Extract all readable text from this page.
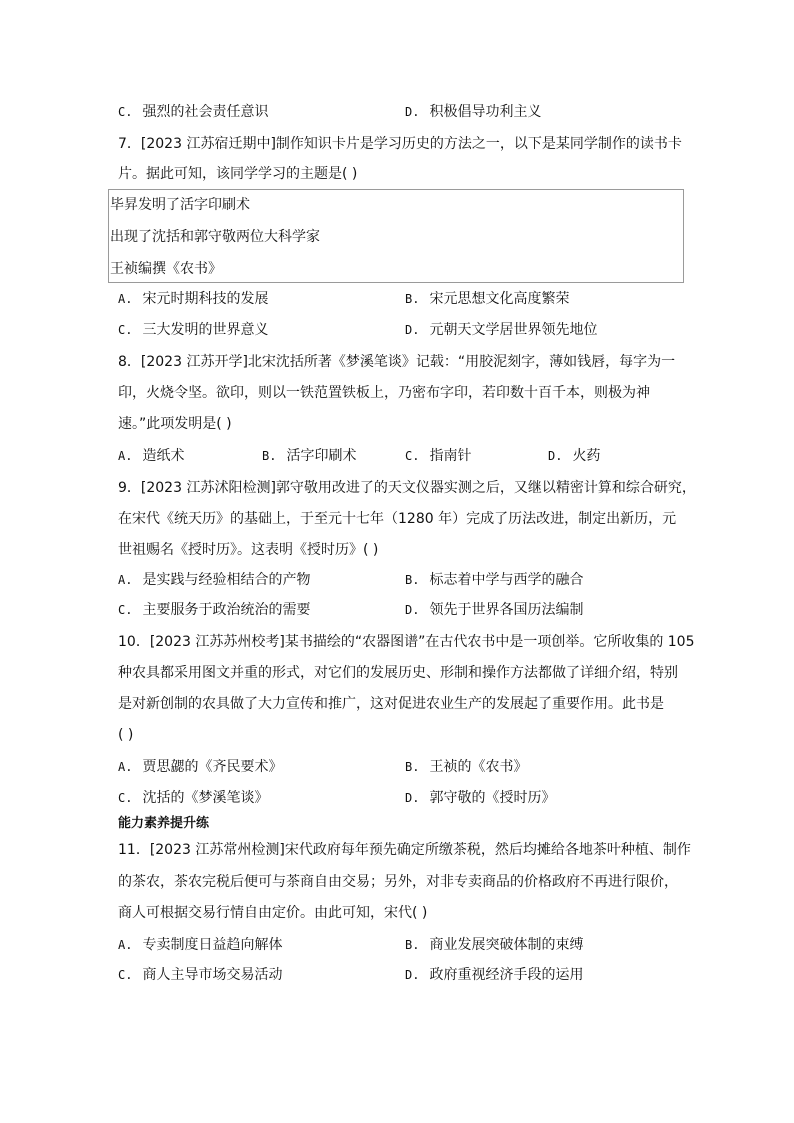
C. 强烈的社会责任意识	D. 积极倡导功利主义
7．[2023 江苏宿迁期中]制作知识卡片是学习历史的方法之一，以下是某同学制作的读书卡
片。据此可知，该同学学习的主题是( )
毕昇发明了活字印刷术
出现了沈括和郭守敬两位大科学家
王祯编撰《农书》
A. 宋元时期科技的发展	B. 宋元思想文化高度繁荣
C. 三大发明的世界意义	D. 元朝天文学居世界领先地位
8．[2023 江苏开学]北宋沈括所著《梦溪笔谈》记载：“用胶泥刻字，薄如钱唇，每字为一
印，火烧令坚。欲印，则以一铁范置铁板上，乃密布字印，若印数十百千本，则极为神
速。”此项发明是( )
A. 造纸术	B. 活字印刷术	C. 指南针	D. 火药
9．[2023 江苏沭阳检测]郭守敬用改进了的天文仪器实测之后，又继以精密计算和综合研究，
在宋代《统天历》的基础上，于至元十七年（1280 年）完成了历法改进，制定出新历，元
世祖赐名《授时历》。这表明《授时历》( )
A. 是实践与经验相结合的产物	B. 标志着中学与西学的融合
C. 主要服务于政治统治的需要	D. 领先于世界各国历法编制
10．[2023 江苏苏州校考]某书描绘的“农器图谱”在古代农书中是一项创举。它所收集的 105
种农具都采用图文并重的形式，对它们的发展历史、形制和操作方法都做了详细介绍，特别
是对新创制的农具做了大力宣传和推广，这对促进农业生产的发展起了重要作用。此书是
( )
A. 贾思勰的《齐民要术》	B. 王祯的《农书》
C. 沈括的《梦溪笔谈》	D. 郭守敬的《授时历》
能力素养提升练
11．[2023 江苏常州检测]宋代政府每年预先确定所缴茶税，然后均摊给各地茶叶种植、制作
的茶农，茶农完税后便可与茶商自由交易；另外，对非专卖商品的价格政府不再进行限价，
商人可根据交易行情自由定价。由此可知，宋代( )
A. 专卖制度日益趋向解体	B. 商业发展突破体制的束缚
C. 商人主导市场交易活动	D. 政府重视经济手段的运用
